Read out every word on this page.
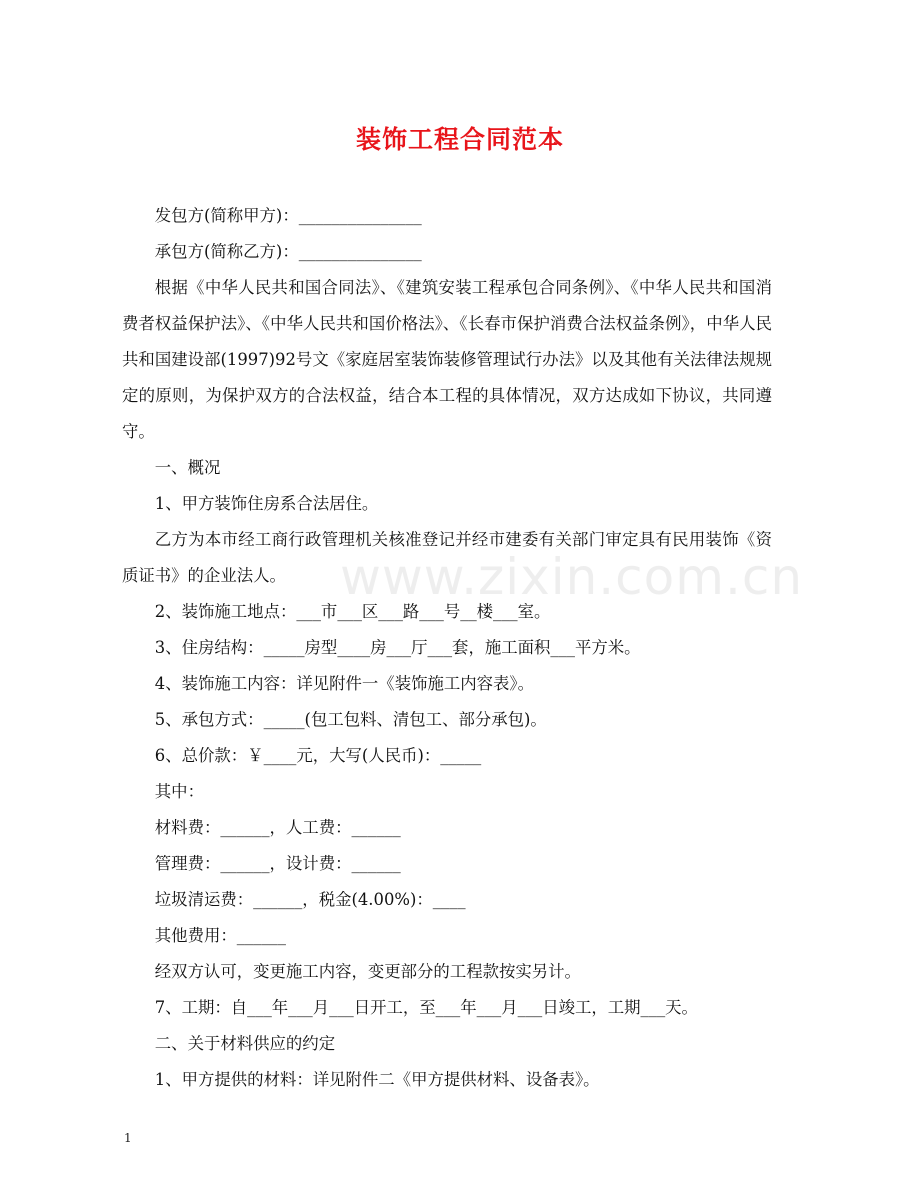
装饰工程合同范本
www.zixin.com.cn

发包方(简称甲方)：_______________

承包方(简称乙方)：_______________

根据《中华人民共和国合同法》、《建筑安装工程承包合同条例》、《中华人民共和国消费者权益保护法》、《中华人民共和国价格法》、《长春市保护消费合法权益条例》，中华人民共和国建设部(1997)92号文《家庭居室装饰装修管理试行办法》以及其他有关法律法规规定的原则，为保护双方的合法权益，结合本工程的具体情况，双方达成如下协议，共同遵守。

一、概况

1、甲方装饰住房系合法居住。

乙方为本市经工商行政管理机关核准登记并经市建委有关部门审定具有民用装饰《资质证书》的企业法人。

2、装饰施工地点：___市___区___路___号__楼___室。

3、住房结构：_____房型____房___厅___套，施工面积___平方米。

4、装饰施工内容：详见附件一《装饰施工内容表》。

5、承包方式：_____(包工包料、清包工、部分承包)。

6、总价款：￥____元，大写(人民币)：_____

其中：

材料费：______，人工费：______

管理费：______，设计费：______

垃圾清运费：______，税金(4.00%)：____

其他费用：______

经双方认可，变更施工内容，变更部分的工程款按实另计。

7、工期：自___年___月___日开工，至___年___月___日竣工，工期___天。

二、关于材料供应的约定

1、甲方提供的材料：详见附件二《甲方提供材料、设备表》。

1
